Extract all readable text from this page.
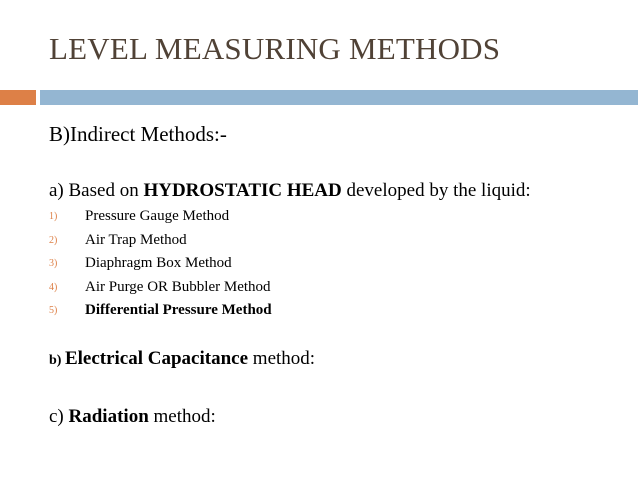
LEVEL MEASURING METHODS
B)Indirect Methods:-
a) Based on HYDROSTATIC HEAD developed by the liquid:
1) Pressure Gauge Method
2) Air Trap Method
3) Diaphragm Box Method
4) Air Purge OR Bubbler Method
5) Differential Pressure Method
b) Electrical Capacitance method:
c) Radiation method:
